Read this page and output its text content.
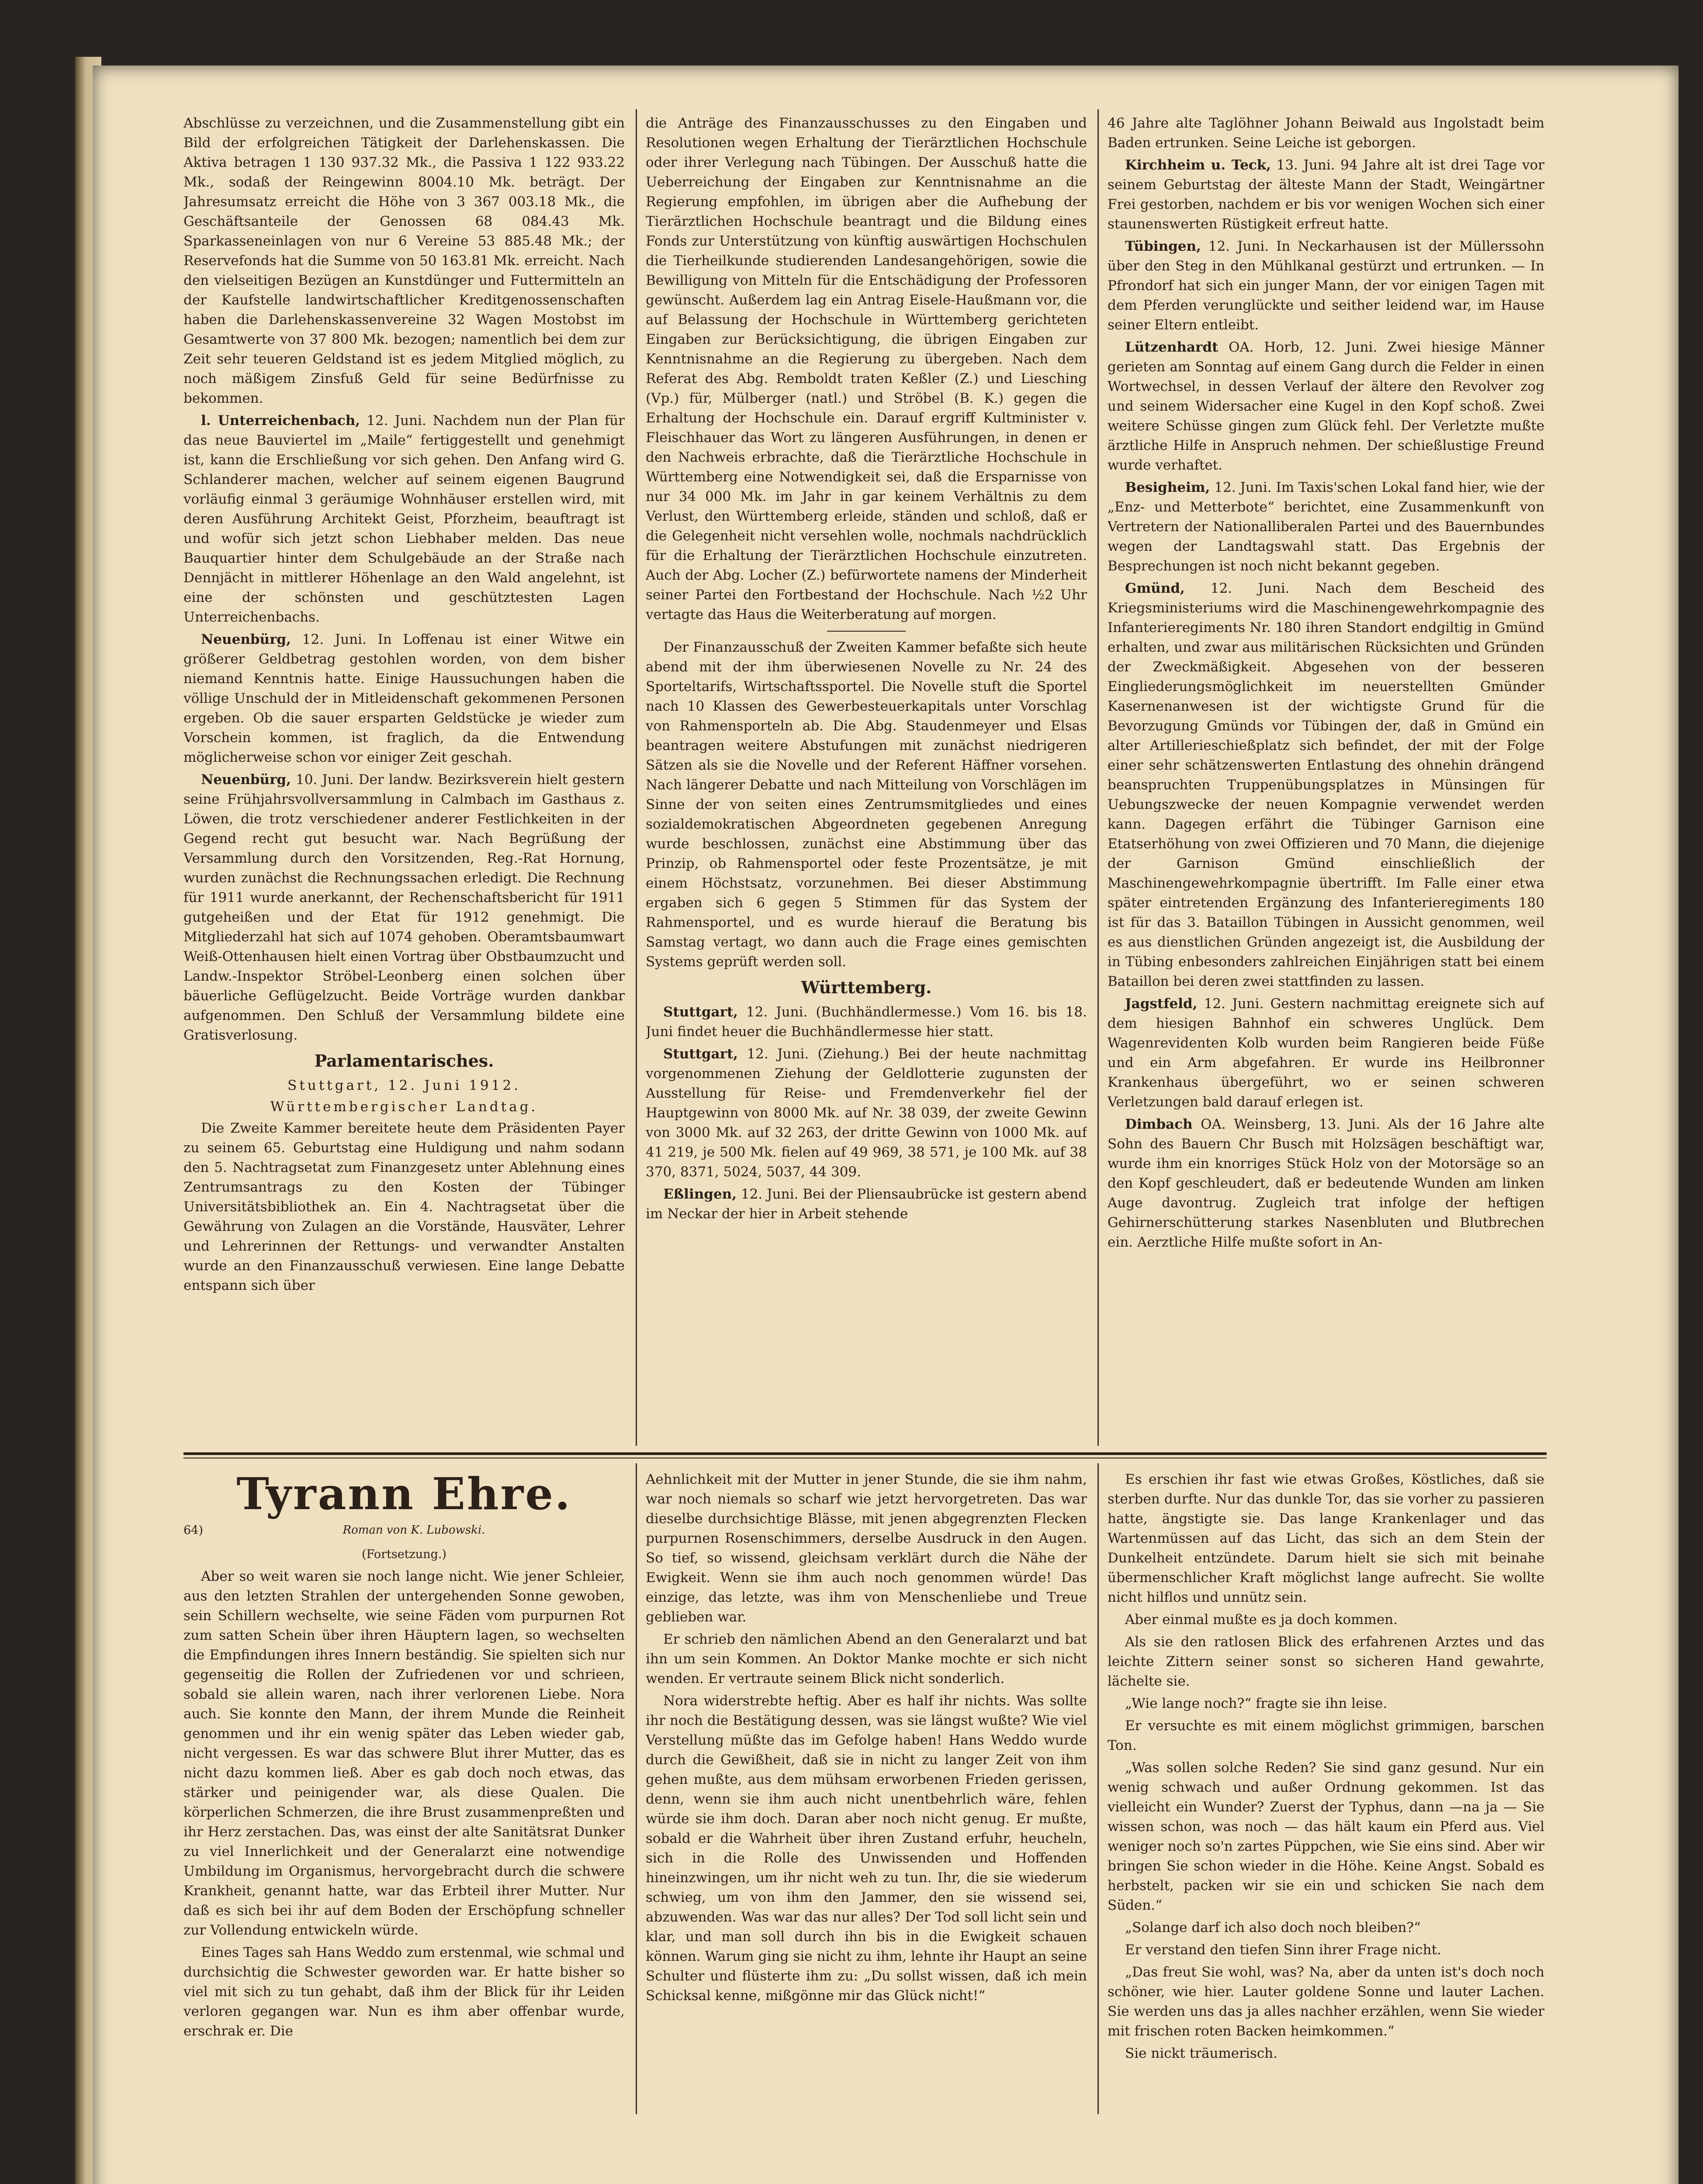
Abschlüsse zu verzeichnen, und die Zusammenstellung gibt ein Bild der erfolgreichen Tätigkeit der Darlehenskassen. Die Aktiva betragen 1 130 937.32 Mk., die Passiva 1 122 933.22 Mk., sodaß der Reingewinn 8004.10 Mk. beträgt. Der Jahresumsatz erreicht die Höhe von 3 367 003.18 Mk., die Geschäftsanteile der Genossen 68 084.43 Mk. Sparkasseneinlagen von nur 6 Vereine 53 885.48 Mk.; der Reservefonds hat die Summe von 50 163.81 Mk. erreicht. Nach den vielseitigen Bezügen an Kunstdünger und Futtermitteln an der Kaufstelle landwirtschaftlicher Kreditgenossenschaften haben die Darlehenskassenvereine 32 Wagen Mostobst im Gesamtwerte von 37 800 Mk. bezogen; namentlich bei dem zur Zeit sehr teueren Geldstand ist es jedem Mitglied möglich, zu noch mäßigem Zinsfuß Geld für seine Bedürfnisse zu bekommen.

l. Unterreichenbach, 12. Juni. Nachdem nun der Plan für das neue Bauviertel im „Maile“ fertiggestellt und genehmigt ist, kann die Erschließung vor sich gehen. Den Anfang wird G. Schlanderer machen, welcher auf seinem eigenen Baugrund vorläufig einmal 3 geräumige Wohnhäuser erstellen wird, mit deren Ausführung Architekt Geist, Pforzheim, beauftragt ist und wofür sich jetzt schon Liebhaber melden. Das neue Bauquartier hinter dem Schulgebäude an der Straße nach Dennjächt in mittlerer Höhenlage an den Wald angelehnt, ist eine der schönsten und geschütztesten Lagen Unterreichenbachs.

Neuenbürg, 12. Juni. In Loffenau ist einer Witwe ein größerer Geldbetrag gestohlen worden, von dem bisher niemand Kenntnis hatte. Einige Haussuchungen haben die völlige Unschuld der in Mitleidenschaft gekommenen Personen ergeben. Ob die sauer ersparten Geldstücke je wieder zum Vorschein kommen, ist fraglich, da die Entwendung möglicherweise schon vor einiger Zeit geschah.

Neuenbürg, 10. Juni. Der landw. Bezirksverein hielt gestern seine Frühjahrsvollversammlung in Calmbach im Gasthaus z. Löwen, die trotz verschiedener anderer Festlichkeiten in der Gegend recht gut besucht war. Nach Begrüßung der Versammlung durch den Vorsitzenden, Reg.-Rat Hornung, wurden zunächst die Rechnungssachen erledigt. Die Rechnung für 1911 wurde anerkannt, der Rechenschaftsbericht für 1911 gutgeheißen und der Etat für 1912 genehmigt. Die Mitgliederzahl hat sich auf 1074 gehoben. Oberamtsbaumwart Weiß-Ottenhausen hielt einen Vortrag über Obstbaumzucht und Landw.-Inspektor Ströbel-Leonberg einen solchen über bäuerliche Geflügelzucht. Beide Vorträge wurden dankbar aufgenommen. Den Schluß der Versammlung bildete eine Gratisverlosung.

Parlamentarisches.
Stuttgart, 12. Juni 1912.
Württembergischer Landtag.

Die Zweite Kammer bereitete heute dem Präsidenten Payer zu seinem 65. Geburtstag eine Huldigung und nahm sodann den 5. Nachtragsetat zum Finanzgesetz unter Ablehnung eines Zentrumsantrags zu den Kosten der Tübinger Universitätsbibliothek an. Ein 4. Nachtragsetat über die Gewährung von Zulagen an die Vorstände, Hausväter, Lehrer und Lehrerinnen der Rettungs- und verwandter Anstalten wurde an den Finanzausschuß verwiesen. Eine lange Debatte entspann sich über

die Anträge des Finanzausschusses zu den Eingaben und Resolutionen wegen Erhaltung der Tierärztlichen Hochschule oder ihrer Verlegung nach Tübingen. Der Ausschuß hatte die Ueberreichung der Eingaben zur Kenntnisnahme an die Regierung empfohlen, im übrigen aber die Aufhebung der Tierärztlichen Hochschule beantragt und die Bildung eines Fonds zur Unterstützung von künftig auswärtigen Hochschulen die Tierheilkunde studierenden Landesangehörigen, sowie die Bewilligung von Mitteln für die Entschädigung der Professoren gewünscht. Außerdem lag ein Antrag Eisele-Haußmann vor, die auf Belassung der Hochschule in Württemberg gerichteten Eingaben zur Berücksichtigung, die übrigen Eingaben zur Kenntnisnahme an die Regierung zu übergeben. Nach dem Referat des Abg. Remboldt traten Keßler (Z.) und Liesching (Vp.) für, Mülberger (natl.) und Ströbel (B. K.) gegen die Erhaltung der Hochschule ein. Darauf ergriff Kultminister v. Fleischhauer das Wort zu längeren Ausführungen, in denen er den Nachweis erbrachte, daß die Tierärztliche Hochschule in Württemberg eine Notwendigkeit sei, daß die Ersparnisse von nur 34 000 Mk. im Jahr in gar keinem Verhältnis zu dem Verlust, den Württemberg erleide, ständen und schloß, daß er die Gelegenheit nicht versehlen wolle, nochmals nachdrücklich für die Erhaltung der Tierärztlichen Hochschule einzutreten. Auch der Abg. Locher (Z.) befürwortete namens der Minderheit seiner Partei den Fortbestand der Hochschule. Nach ½2 Uhr vertagte das Haus die Weiterberatung auf morgen.

Der Finanzausschuß der Zweiten Kammer befaßte sich heute abend mit der ihm überwiesenen Novelle zu Nr. 24 des Sporteltarifs, Wirtschaftssportel. Die Novelle stuft die Sportel nach 10 Klassen des Gewerbesteuerkapitals unter Vorschlag von Rahmensporteln ab. Die Abg. Staudenmeyer und Elsas beantragen weitere Abstufungen mit zunächst niedrigeren Sätzen als sie die Novelle und der Referent Häffner vorsehen. Nach längerer Debatte und nach Mitteilung von Vorschlägen im Sinne der von seiten eines Zentrumsmitgliedes und eines sozialdemokratischen Abgeordneten gegebenen Anregung wurde beschlossen, zunächst eine Abstimmung über das Prinzip, ob Rahmensportel oder feste Prozentsätze, je mit einem Höchstsatz, vorzunehmen. Bei dieser Abstimmung ergaben sich 6 gegen 5 Stimmen für das System der Rahmensportel, und es wurde hierauf die Beratung bis Samstag vertagt, wo dann auch die Frage eines gemischten Systems geprüft werden soll.

Württemberg.

Stuttgart, 12. Juni. (Buchhändlermesse.) Vom 16. bis 18. Juni findet heuer die Buchhändlermesse hier statt.

Stuttgart, 12. Juni. (Ziehung.) Bei der heute nachmittag vorgenommenen Ziehung der Geldlotterie zugunsten der Ausstellung für Reise- und Fremdenverkehr fiel der Hauptgewinn von 8000 Mk. auf Nr. 38 039, der zweite Gewinn von 3000 Mk. auf 32 263, der dritte Gewinn von 1000 Mk. auf 41 219, je 500 Mk. fielen auf 49 969, 38 571, je 100 Mk. auf 38 370, 8371, 5024, 5037, 44 309.

Eßlingen, 12. Juni. Bei der Pliensaubrücke ist gestern abend im Neckar der hier in Arbeit stehende

46 Jahre alte Taglöhner Johann Beiwald aus Ingolstadt beim Baden ertrunken. Seine Leiche ist geborgen.

Kirchheim u. Teck, 13. Juni. 94 Jahre alt ist drei Tage vor seinem Geburtstag der älteste Mann der Stadt, Weingärtner Frei gestorben, nachdem er bis vor wenigen Wochen sich einer staunenswerten Rüstigkeit erfreut hatte.

Tübingen, 12. Juni. In Neckarhausen ist der Müllerssohn über den Steg in den Mühlkanal gestürzt und ertrunken. — In Pfrondorf hat sich ein junger Mann, der vor einigen Tagen mit dem Pferden verunglückte und seither leidend war, im Hause seiner Eltern entleibt.

Lützenhardt OA. Horb, 12. Juni. Zwei hiesige Männer gerieten am Sonntag auf einem Gang durch die Felder in einen Wortwechsel, in dessen Verlauf der ältere den Revolver zog und seinem Widersacher eine Kugel in den Kopf schoß. Zwei weitere Schüsse gingen zum Glück fehl. Der Verletzte mußte ärztliche Hilfe in Anspruch nehmen. Der schießlustige Freund wurde verhaftet.

Besigheim, 12. Juni. Im Taxis'schen Lokal fand hier, wie der „Enz- und Metterbote“ berichtet, eine Zusammenkunft von Vertretern der Nationalliberalen Partei und des Bauernbundes wegen der Landtagswahl statt. Das Ergebnis der Besprechungen ist noch nicht bekannt gegeben.

Gmünd, 12. Juni. Nach dem Bescheid des Kriegsministeriums wird die Maschinengewehrkompagnie des Infanterieregiments Nr. 180 ihren Standort endgiltig in Gmünd erhalten, und zwar aus militärischen Rücksichten und Gründen der Zweckmäßigkeit. Abgesehen von der besseren Eingliederungsmöglichkeit im neuerstellten Gmünder Kasernenanwesen ist der wichtigste Grund für die Bevorzugung Gmünds vor Tübingen der, daß in Gmünd ein alter Artillerieschießplatz sich befindet, der mit der Folge einer sehr schätzenswerten Entlastung des ohnehin drängend beanspruchten Truppenübungsplatzes in Münsingen für Uebungszwecke der neuen Kompagnie verwendet werden kann. Dagegen erfährt die Tübinger Garnison eine Etatserhöhung von zwei Offizieren und 70 Mann, die diejenige der Garnison Gmünd einschließlich der Maschinengewehrkompagnie übertrifft. Im Falle einer etwa später eintretenden Ergänzung des Infanterieregiments 180 ist für das 3. Bataillon Tübingen in Aussicht genommen, weil es aus dienstlichen Gründen angezeigt ist, die Ausbildung der in Tübing enbesonders zahlreichen Einjährigen statt bei einem Bataillon bei deren zwei stattfinden zu lassen.

Jagstfeld, 12. Juni. Gestern nachmittag ereignete sich auf dem hiesigen Bahnhof ein schweres Unglück. Dem Wagenrevidenten Kolb wurden beim Rangieren beide Füße und ein Arm abgefahren. Er wurde ins Heilbronner Krankenhaus übergeführt, wo er seinen schweren Verletzungen bald darauf erlegen ist.

Dimbach OA. Weinsberg, 13. Juni. Als der 16 Jahre alte Sohn des Bauern Chr Busch mit Holzsägen beschäftigt war, wurde ihm ein knorriges Stück Holz von der Motorsäge so an den Kopf geschleudert, daß er bedeutende Wunden am linken Auge davontrug. Zugleich trat infolge der heftigen Gehirnerschütterung starkes Nasenbluten und Blutbrechen ein. Aerztliche Hilfe mußte sofort in An-

Tyrann Ehre.
64)	Roman von K. Lubowski.
(Fortsetzung.)

Aber so weit waren sie noch lange nicht. Wie jener Schleier, aus den letzten Strahlen der untergehenden Sonne gewoben, sein Schillern wechselte, wie seine Fäden vom purpurnen Rot zum satten Schein über ihren Häuptern lagen, so wechselten die Empfindungen ihres Innern beständig. Sie spielten sich nur gegenseitig die Rollen der Zufriedenen vor und schrieen, sobald sie allein waren, nach ihrer verlorenen Liebe. Nora auch. Sie konnte den Mann, der ihrem Munde die Reinheit genommen und ihr ein wenig später das Leben wieder gab, nicht vergessen. Es war das schwere Blut ihrer Mutter, das es nicht dazu kommen ließ. Aber es gab doch noch etwas, das stärker und peinigender war, als diese Qualen. Die körperlichen Schmerzen, die ihre Brust zusammenpreßten und ihr Herz zerstachen. Das, was einst der alte Sanitätsrat Dunker zu viel Innerlichkeit und der Generalarzt eine notwendige Umbildung im Organismus, hervorgebracht durch die schwere Krankheit, genannt hatte, war das Erbteil ihrer Mutter. Nur daß es sich bei ihr auf dem Boden der Erschöpfung schneller zur Vollendung entwickeln würde.

Eines Tages sah Hans Weddo zum erstenmal, wie schmal und durchsichtig die Schwester geworden war. Er hatte bisher so viel mit sich zu tun gehabt, daß ihm der Blick für ihr Leiden verloren gegangen war. Nun es ihm aber offenbar wurde, erschrak er. Die

Aehnlichkeit mit der Mutter in jener Stunde, die sie ihm nahm, war noch niemals so scharf wie jetzt hervorgetreten. Das war dieselbe durchsichtige Blässe, mit jenen abgegrenzten Flecken purpurnen Rosenschimmers, derselbe Ausdruck in den Augen. So tief, so wissend, gleichsam verklärt durch die Nähe der Ewigkeit. Wenn sie ihm auch noch genommen würde! Das einzige, das letzte, was ihm von Menschenliebe und Treue geblieben war.

Er schrieb den nämlichen Abend an den Generalarzt und bat ihn um sein Kommen. An Doktor Manke mochte er sich nicht wenden. Er vertraute seinem Blick nicht sonderlich.

Nora widerstrebte heftig. Aber es half ihr nichts. Was sollte ihr noch die Bestätigung dessen, was sie längst wußte? Wie viel Verstellung müßte das im Gefolge haben! Hans Weddo wurde durch die Gewißheit, daß sie in nicht zu langer Zeit von ihm gehen mußte, aus dem mühsam erworbenen Frieden gerissen, denn, wenn sie ihm auch nicht unentbehrlich wäre, fehlen würde sie ihm doch. Daran aber noch nicht genug. Er mußte, sobald er die Wahrheit über ihren Zustand erfuhr, heucheln, sich in die Rolle des Unwissenden und Hoffenden hineinzwingen, um ihr nicht weh zu tun. Ihr, die sie wiederum schwieg, um von ihm den Jammer, den sie wissend sei, abzuwenden. Was war das nur alles? Der Tod soll licht sein und klar, und man soll durch ihn bis in die Ewigkeit schauen können. Warum ging sie nicht zu ihm, lehnte ihr Haupt an seine Schulter und flüsterte ihm zu: „Du sollst wissen, daß ich mein Schicksal kenne, mißgönne mir das Glück nicht!“

Es erschien ihr fast wie etwas Großes, Köstliches, daß sie sterben durfte. Nur das dunkle Tor, das sie vorher zu passieren hatte, ängstigte sie. Das lange Krankenlager und das Wartenmüssen auf das Licht, das sich an dem Stein der Dunkelheit entzündete. Darum hielt sie sich mit beinahe übermenschlicher Kraft möglichst lange aufrecht. Sie wollte nicht hilflos und unnütz sein.

Aber einmal mußte es ja doch kommen.

Als sie den ratlosen Blick des erfahrenen Arztes und das leichte Zittern seiner sonst so sicheren Hand gewahrte, lächelte sie.

„Wie lange noch?“ fragte sie ihn leise.

Er versuchte es mit einem möglichst grimmigen, barschen Ton.

„Was sollen solche Reden? Sie sind ganz gesund. Nur ein wenig schwach und außer Ordnung gekommen. Ist das vielleicht ein Wunder? Zuerst der Typhus, dann —na ja — Sie wissen schon, was noch — das hält kaum ein Pferd aus. Viel weniger noch so'n zartes Püppchen, wie Sie eins sind. Aber wir bringen Sie schon wieder in die Höhe. Keine Angst. Sobald es herbstelt, packen wir sie ein und schicken Sie nach dem Süden.“

„Solange darf ich also doch noch bleiben?“

Er verstand den tiefen Sinn ihrer Frage nicht.

„Das freut Sie wohl, was? Na, aber da unten ist's doch noch schöner, wie hier. Lauter goldene Sonne und lauter Lachen. Sie werden uns das ja alles nachher erzählen, wenn Sie wieder mit frischen roten Backen heimkommen.“

Sie nickt träumerisch.
